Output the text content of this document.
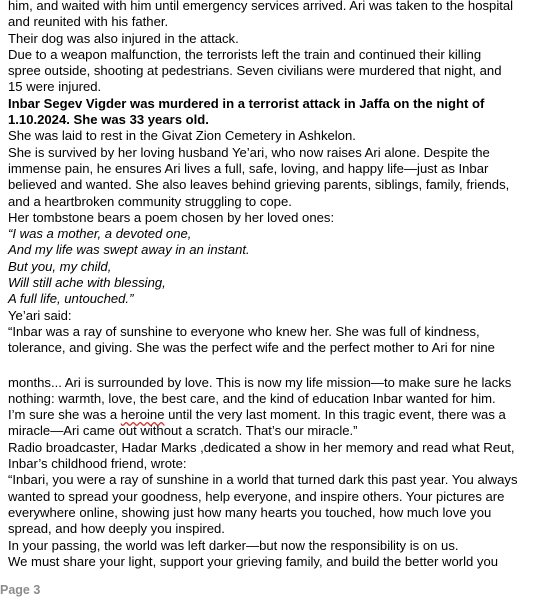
him, and waited with him until emergency services arrived. Ari was taken to the hospital

and reunited with his father.

Their dog was also injured in the attack.

Due to a weapon malfunction, the terrorists left the train and continued their killing

spree outside, shooting at pedestrians. Seven civilians were murdered that night, and

15 were injured.

Inbar Segev Vigder was murdered in a terrorist attack in Jaffa on the night of

1.10.2024. She was 33 years old.

She was laid to rest in the Givat Zion Cemetery in Ashkelon.

She is survived by her loving husband Ye’ari, who now raises Ari alone. Despite the

immense pain, he ensures Ari lives a full, safe, loving, and happy life—just as Inbar

believed and wanted. She also leaves behind grieving parents, siblings, family, friends,

and a heartbroken community struggling to cope.

Her tombstone bears a poem chosen by her loved ones:

“I was a mother, a devoted one,

And my life was swept away in an instant.

But you, my child,

Will still ache with blessing,

A full life, untouched.”

Ye’ari said:

“Inbar was a ray of sunshine to everyone who knew her. She was full of kindness,

tolerance, and giving. She was the perfect wife and the perfect mother to Ari for nine

months... Ari is surrounded by love. This is now my life mission—to make sure he lacks

nothing: warmth, love, the best care, and the kind of education Inbar wanted for him.

I’m sure she was a heroine until the very last moment. In this tragic event, there was a

miracle—Ari came out without a scratch. That’s our miracle.”

Radio broadcaster, Hadar Marks ,dedicated a show in her memory and read what Reut,

Inbar’s childhood friend, wrote:

“Inbari, you were a ray of sunshine in a world that turned dark this past year. You always

wanted to spread your goodness, help everyone, and inspire others. Your pictures are

everywhere online, showing just how many hearts you touched, how much love you

spread, and how deeply you inspired.

In your passing, the world was left darker—but now the responsibility is on us.

We must share your light, support your grieving family, and build the better world you

Page 3
